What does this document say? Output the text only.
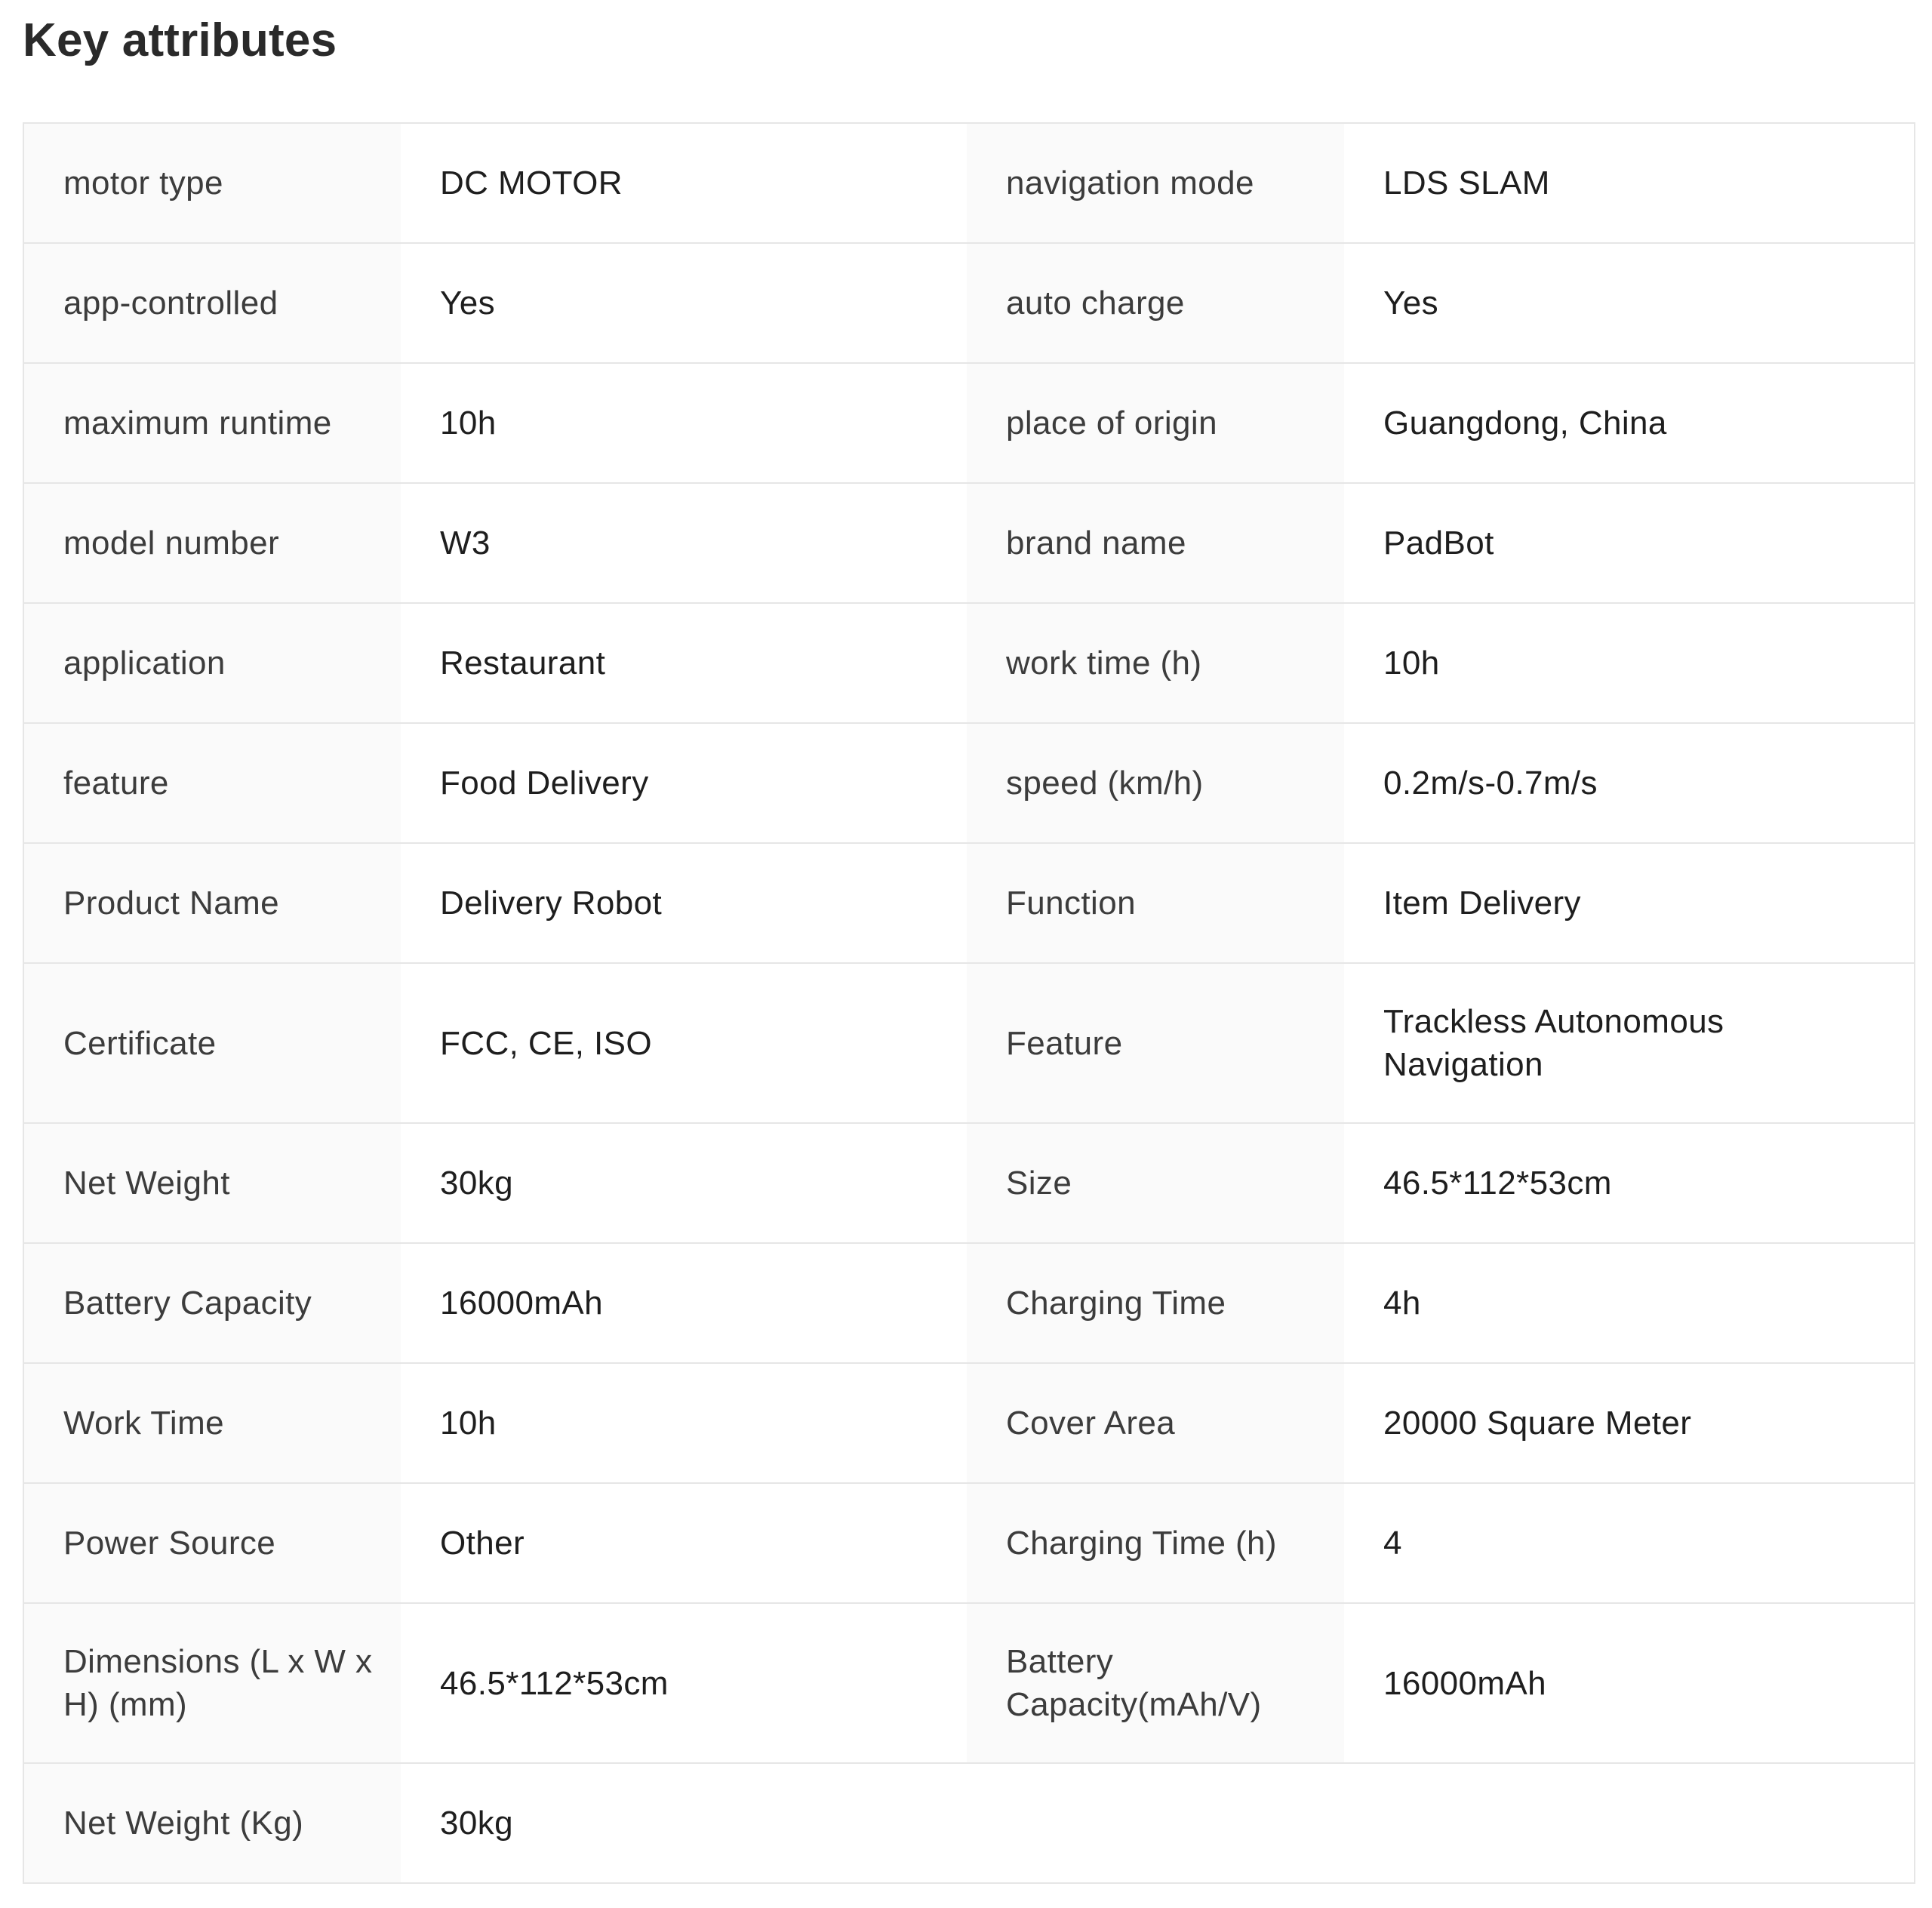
Key attributes
motor type	DC MOTOR	navigation mode	LDS SLAM
app-controlled	Yes	auto charge	Yes
maximum runtime	10h	place of origin	Guangdong, China
model number	W3	brand name	PadBot
application	Restaurant	work time (h)	10h
feature	Food Delivery	speed (km/h)	0.2m/s-0.7m/s
Product Name	Delivery Robot	Function	Item Delivery
Certificate	FCC, CE, ISO	Feature	Trackless Autonomous Navigation
Net Weight	30kg	Size	46.5*112*53cm
Battery Capacity	16000mAh	Charging Time	4h
Work Time	10h	Cover Area	20000 Square Meter
Power Source	Other	Charging Time (h)	4
Dimensions (L x W x H) (mm)	46.5*112*53cm	Battery Capacity(mAh/V)	16000mAh
Net Weight (Kg)	30kg		
